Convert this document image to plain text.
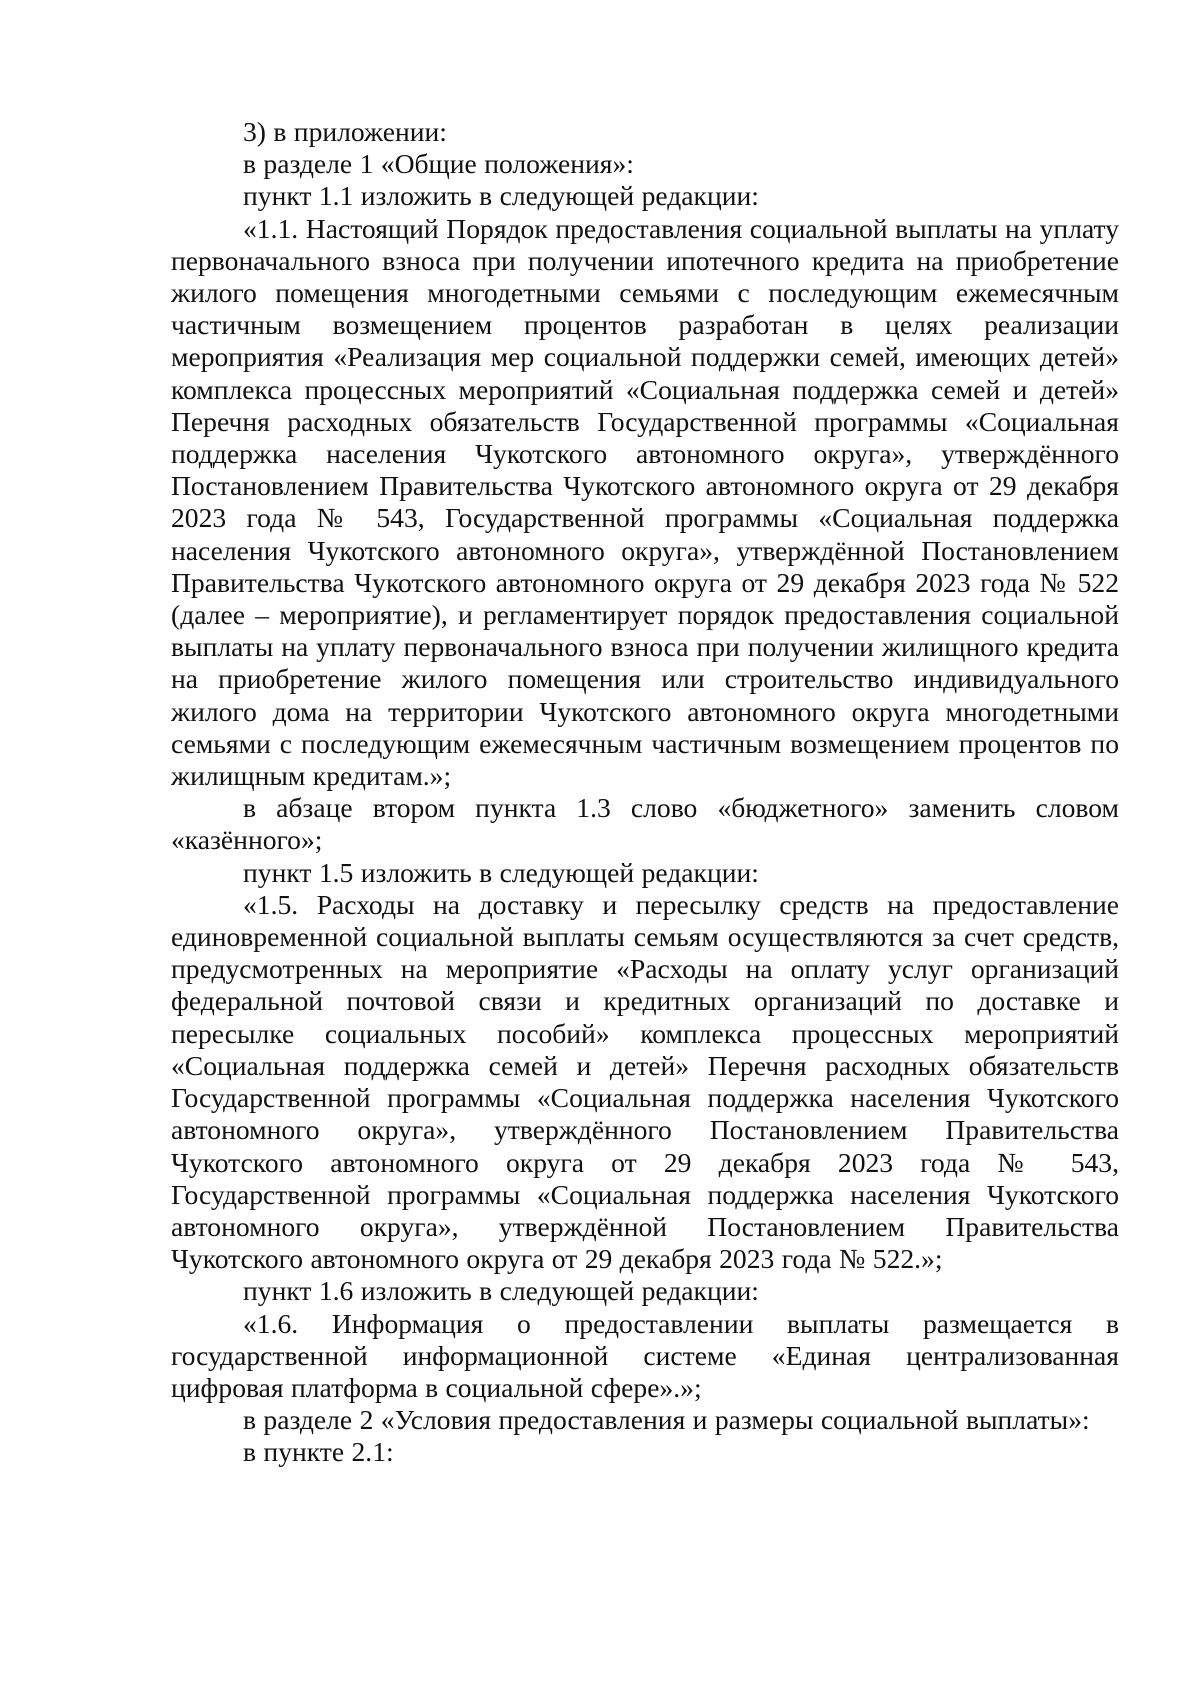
3) в приложении:

в разделе 1 «Общие положения»:

пункт 1.1 изложить в следующей редакции:

«1.1. Настоящий Порядок предоставления социальной выплаты на уплату первоначального взноса при получении ипотечного кредита на приобретение жилого помещения многодетными семьями с последующим ежемесячным частичным возмещением процентов разработан в целях реализации мероприятия «Реализация мер социальной поддержки семей, имеющих детей» комплекса процессных мероприятий «Социальная поддержка семей и детей» Перечня расходных обязательств Государственной программы «Социальная поддержка населения Чукотского автономного округа», утверждённого Постановлением Правительства Чукотского автономного округа от 29 декабря 2023 года № 543, Государственной программы «Социальная поддержка населения Чукотского автономного округа», утверждённой Постановлением Правительства Чукотского автономного округа от 29 декабря 2023 года № 522 (далее – мероприятие), и регламентирует порядок предоставления социальной выплаты на уплату первоначального взноса при получении жилищного кредита на приобретение жилого помещения или строительство индивидуального жилого дома на территории Чукотского автономного округа многодетными семьями с последующим ежемесячным частичным возмещением процентов по жилищным кредитам.»;

в абзаце втором пункта 1.3 слово «бюджетного» заменить словом «казённого»;

пункт 1.5 изложить в следующей редакции:

«1.5. Расходы на доставку и пересылку средств на предоставление единовременной социальной выплаты семьям осуществляются за счет средств, предусмотренных на мероприятие «Расходы на оплату услуг организаций федеральной почтовой связи и кредитных организаций по доставке и пересылке социальных пособий» комплекса процессных мероприятий «Социальная поддержка семей и детей» Перечня расходных обязательств Государственной программы «Социальная поддержка населения Чукотского автономного округа», утверждённого Постановлением Правительства Чукотского автономного округа от 29 декабря 2023 года № 543, Государственной программы «Социальная поддержка населения Чукотского автономного округа», утверждённой Постановлением Правительства Чукотского автономного округа от 29 декабря 2023 года № 522.»;

пункт 1.6 изложить в следующей редакции:

«1.6. Информация о предоставлении выплаты размещается в государственной информационной системе «Единая централизованная цифровая платформа в социальной сфере».»;

в разделе 2 «Условия предоставления и размеры социальной выплаты»:

в пункте 2.1:
